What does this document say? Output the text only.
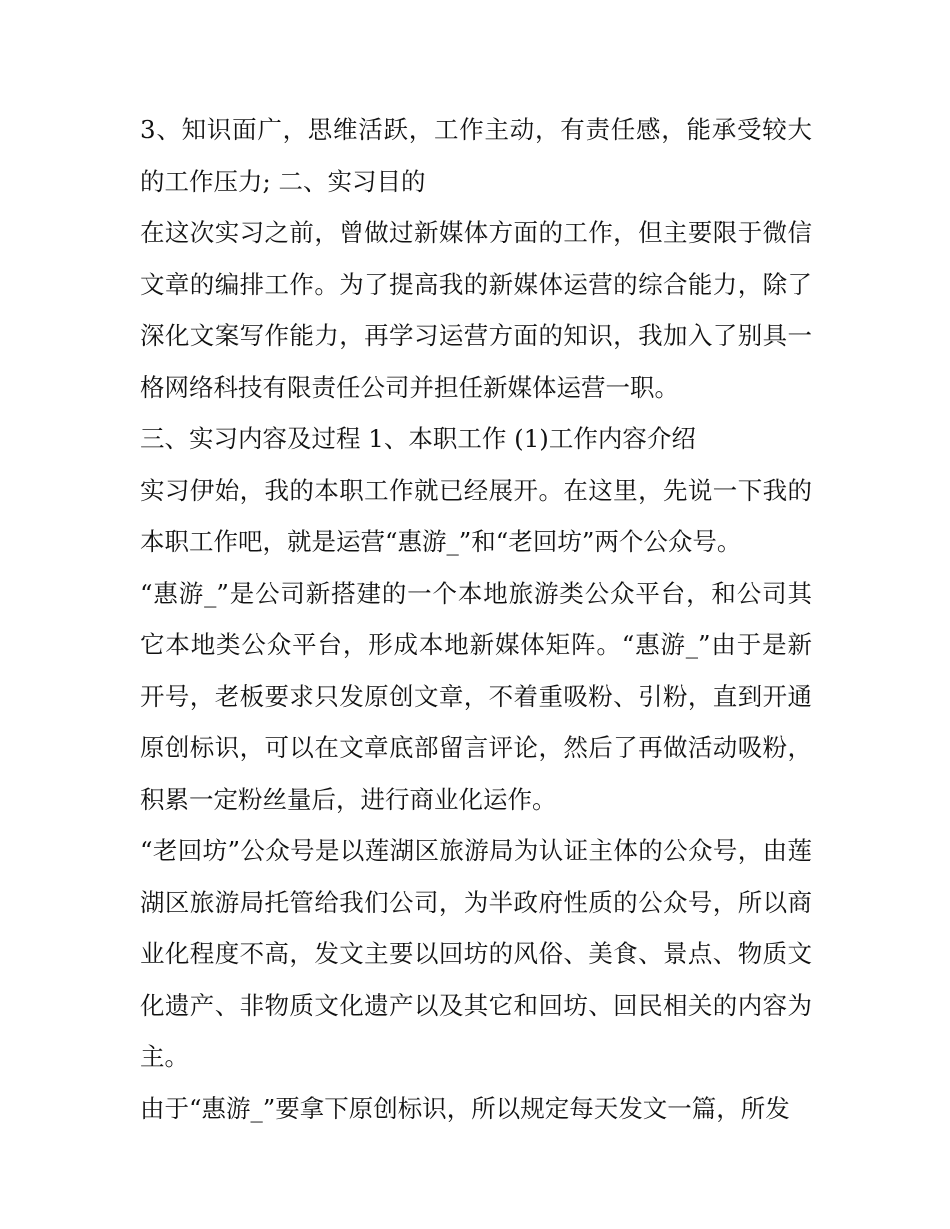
3、知识面广，思维活跃，工作主动，有责任感，能承受较大的工作压力; 二、实习目的

在这次实习之前，曾做过新媒体方面的工作，但主要限于微信文章的编排工作。为了提高我的新媒体运营的综合能力，除了深化文案写作能力，再学习运营方面的知识，我加入了别具一格网络科技有限责任公司并担任新媒体运营一职。

三、实习内容及过程 1、本职工作 (1)工作内容介绍

实习伊始，我的本职工作就已经展开。在这里，先说一下我的本职工作吧，就是运营“惠游_”和“老回坊”两个公众号。

“惠游_”是公司新搭建的一个本地旅游类公众平台，和公司其它本地类公众平台，形成本地新媒体矩阵。“惠游_”由于是新开号，老板要求只发原创文章，不着重吸粉、引粉，直到开通原创标识，可以在文章底部留言评论，然后了再做活动吸粉，积累一定粉丝量后，进行商业化运作。

“老回坊”公众号是以莲湖区旅游局为认证主体的公众号，由莲湖区旅游局托管给我们公司，为半政府性质的公众号，所以商业化程度不高，发文主要以回坊的风俗、美食、景点、物质文化遗产、非物质文化遗产以及其它和回坊、回民相关的内容为主。

由于“惠游_”要拿下原创标识，所以规定每天发文一篇，所发
